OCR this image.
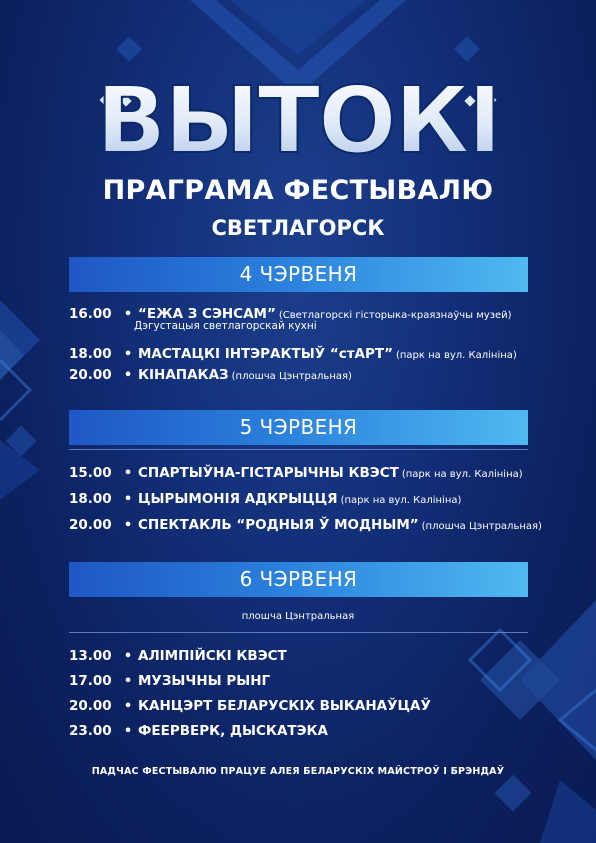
ВЫТОКІ
ПРАГРАМА ФЕСТЫВАЛЮ
СВЕТЛАГОРСК
4 ЧЭРВЕНЯ
16.00 • “ЕЖА З СЭНСАМ” (Светлагорскі гісторыка-краязнаўчы музей)
Дэгустацыя светлагорскай кухні
18.00 • МАСТАЦКІ ІНТЭРАКТЫЎ “стАРТ” (парк на вул. Калініна)
20.00 • КІНАПАКАЗ (плошча Цэнтральная)
5 ЧЭРВЕНЯ
15.00 • СПАРТЫЎНА-ГІСТАРЫЧНЫ КВЭСТ (парк на вул. Калініна)
18.00 • ЦЫРЫМОНІЯ АДКРЫЦЦЯ (парк на вул. Калініна)
20.00 • СПЕКТАКЛЬ “РОДНЫЯ Ў МОДНЫМ” (плошча Цэнтральная)
6 ЧЭРВЕНЯ
плошча Цэнтральная
13.00 • АЛІМПІЙСКІ КВЭСТ
17.00 • МУЗЫЧНЫ РЫНГ
20.00 • КАНЦЭРТ БЕЛАРУСКІХ ВЫКАНАЎЦАЎ
23.00 • ФЕЕРВЕРК, ДЫСКАТЭКА
ПАДЧАС ФЕСТЫВАЛЮ ПРАЦУЕ АЛЕЯ БЕЛАРУСКІХ МАЙСТРОЎ І БРЭНДАЎ
